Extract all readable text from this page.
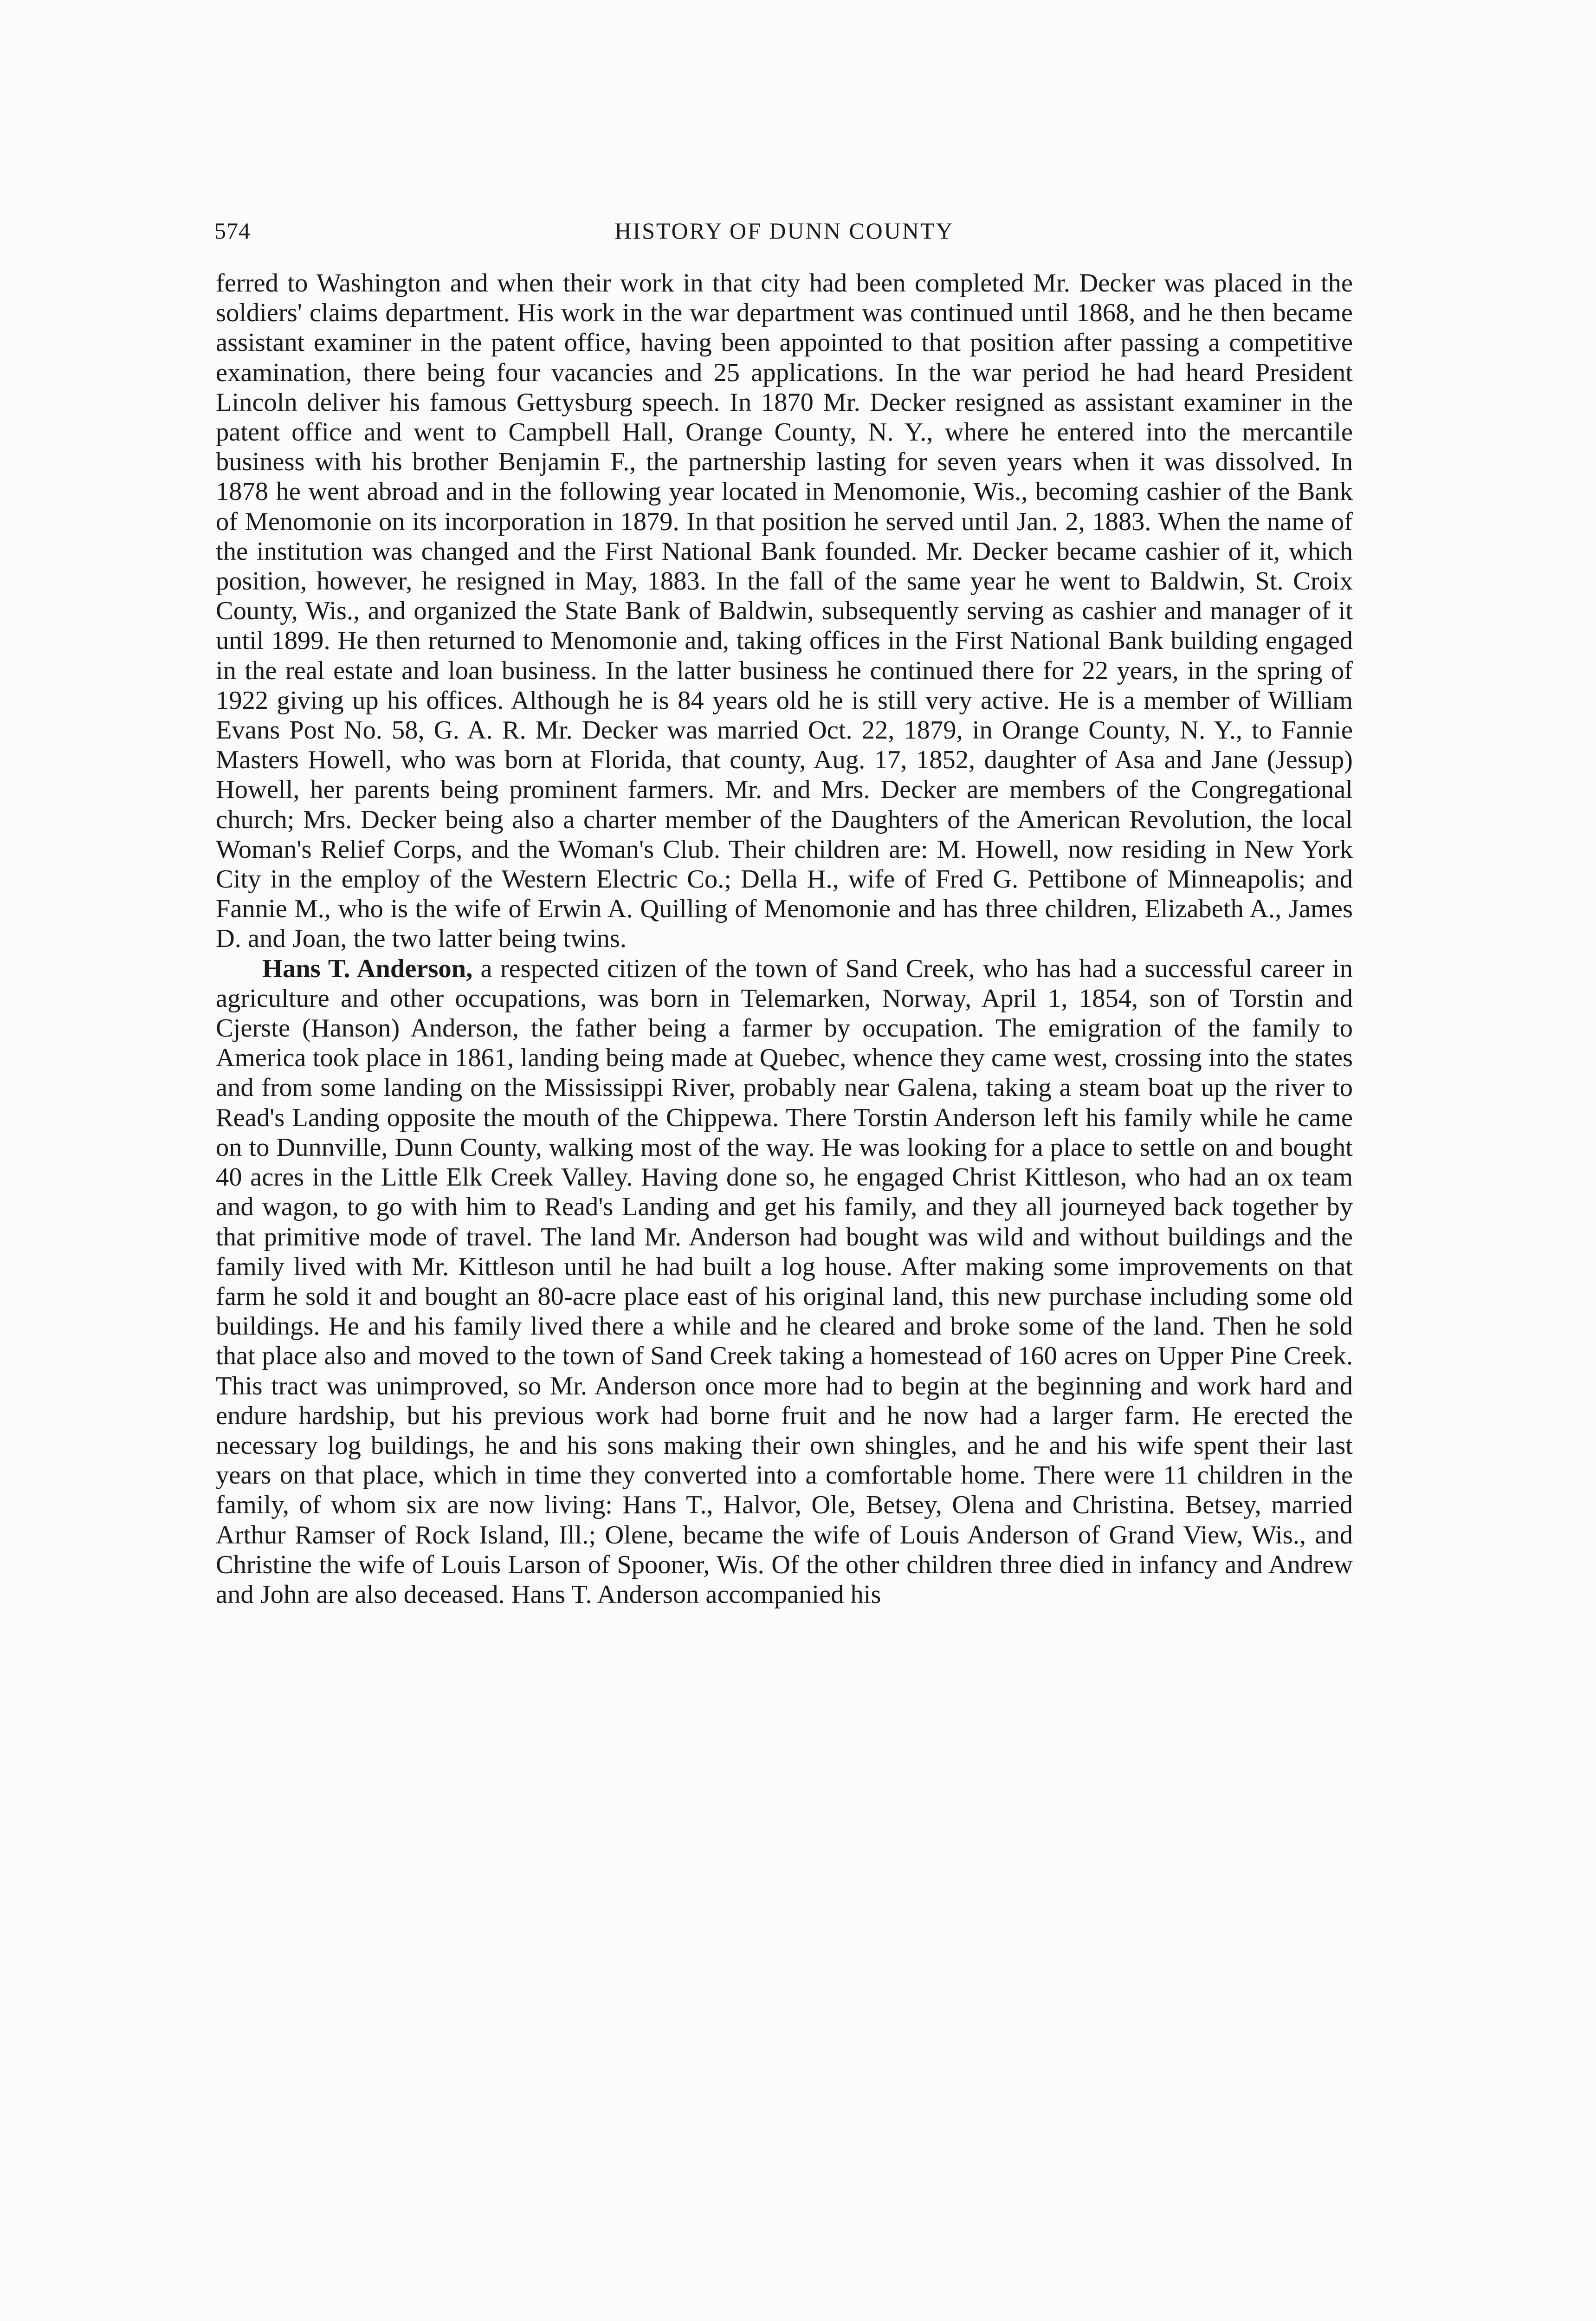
574	HISTORY OF DUNN COUNTY

ferred to Washington and when their work in that city had been completed Mr. Decker was placed in the soldiers' claims department. His work in the war department was continued until 1868, and he then became assistant examiner in the patent office, having been appointed to that position after passing a competitive examination, there being four vacancies and 25 applications. In the war period he had heard President Lincoln deliver his famous Gettysburg speech. In 1870 Mr. Decker resigned as assistant examiner in the patent office and went to Campbell Hall, Orange County, N. Y., where he entered into the mercantile business with his brother Benjamin F., the partnership lasting for seven years when it was dissolved. In 1878 he went abroad and in the following year located in Menomonie, Wis., becoming cashier of the Bank of Menomonie on its incorporation in 1879. In that position he served until Jan. 2, 1883. When the name of the institution was changed and the First National Bank founded. Mr. Decker became cashier of it, which position, however, he resigned in May, 1883. In the fall of the same year he went to Baldwin, St. Croix County, Wis., and organized the State Bank of Baldwin, subsequently serving as cashier and manager of it until 1899. He then returned to Menomonie and, taking offices in the First National Bank building engaged in the real estate and loan business. In the latter business he continued there for 22 years, in the spring of 1922 giving up his offices. Although he is 84 years old he is still very active. He is a member of William Evans Post No. 58, G. A. R. Mr. Decker was married Oct. 22, 1879, in Orange County, N. Y., to Fannie Masters Howell, who was born at Florida, that county, Aug. 17, 1852, daughter of Asa and Jane (Jessup) Howell, her parents being prominent farmers. Mr. and Mrs. Decker are members of the Congregational church; Mrs. Decker being also a charter member of the Daughters of the American Revolution, the local Woman's Relief Corps, and the Woman's Club. Their children are: M. Howell, now residing in New York City in the employ of the Western Electric Co.; Della H., wife of Fred G. Pettibone of Minneapolis; and Fannie M., who is the wife of Erwin A. Quilling of Menomonie and has three children, Elizabeth A., James D. and Joan, the two latter being twins.

Hans T. Anderson, a respected citizen of the town of Sand Creek, who has had a successful career in agriculture and other occupations, was born in Telemarken, Norway, April 1, 1854, son of Torstin and Cjerste (Hanson) Anderson, the father being a farmer by occupation. The emigration of the family to America took place in 1861, landing being made at Quebec, whence they came west, crossing into the states and from some landing on the Mississippi River, probably near Galena, taking a steam boat up the river to Read's Landing opposite the mouth of the Chippewa. There Torstin Anderson left his family while he came on to Dunnville, Dunn County, walking most of the way. He was looking for a place to settle on and bought 40 acres in the Little Elk Creek Valley. Having done so, he engaged Christ Kittleson, who had an ox team and wagon, to go with him to Read's Landing and get his family, and they all journeyed back together by that primitive mode of travel. The land Mr. Anderson had bought was wild and without buildings and the family lived with Mr. Kittleson until he had built a log house. After making some improvements on that farm he sold it and bought an 80-acre place east of his original land, this new purchase including some old buildings. He and his family lived there a while and he cleared and broke some of the land. Then he sold that place also and moved to the town of Sand Creek taking a homestead of 160 acres on Upper Pine Creek. This tract was unimproved, so Mr. Anderson once more had to begin at the beginning and work hard and endure hardship, but his previous work had borne fruit and he now had a larger farm. He erected the necessary log buildings, he and his sons making their own shingles, and he and his wife spent their last years on that place, which in time they converted into a comfortable home. There were 11 children in the family, of whom six are now living: Hans T., Halvor, Ole, Betsey, Olena and Christina. Betsey, married Arthur Ramser of Rock Island, Ill.; Olene, became the wife of Louis Anderson of Grand View, Wis., and Christine the wife of Louis Larson of Spooner, Wis. Of the other children three died in infancy and Andrew and John are also deceased. Hans T. Anderson accompanied his
